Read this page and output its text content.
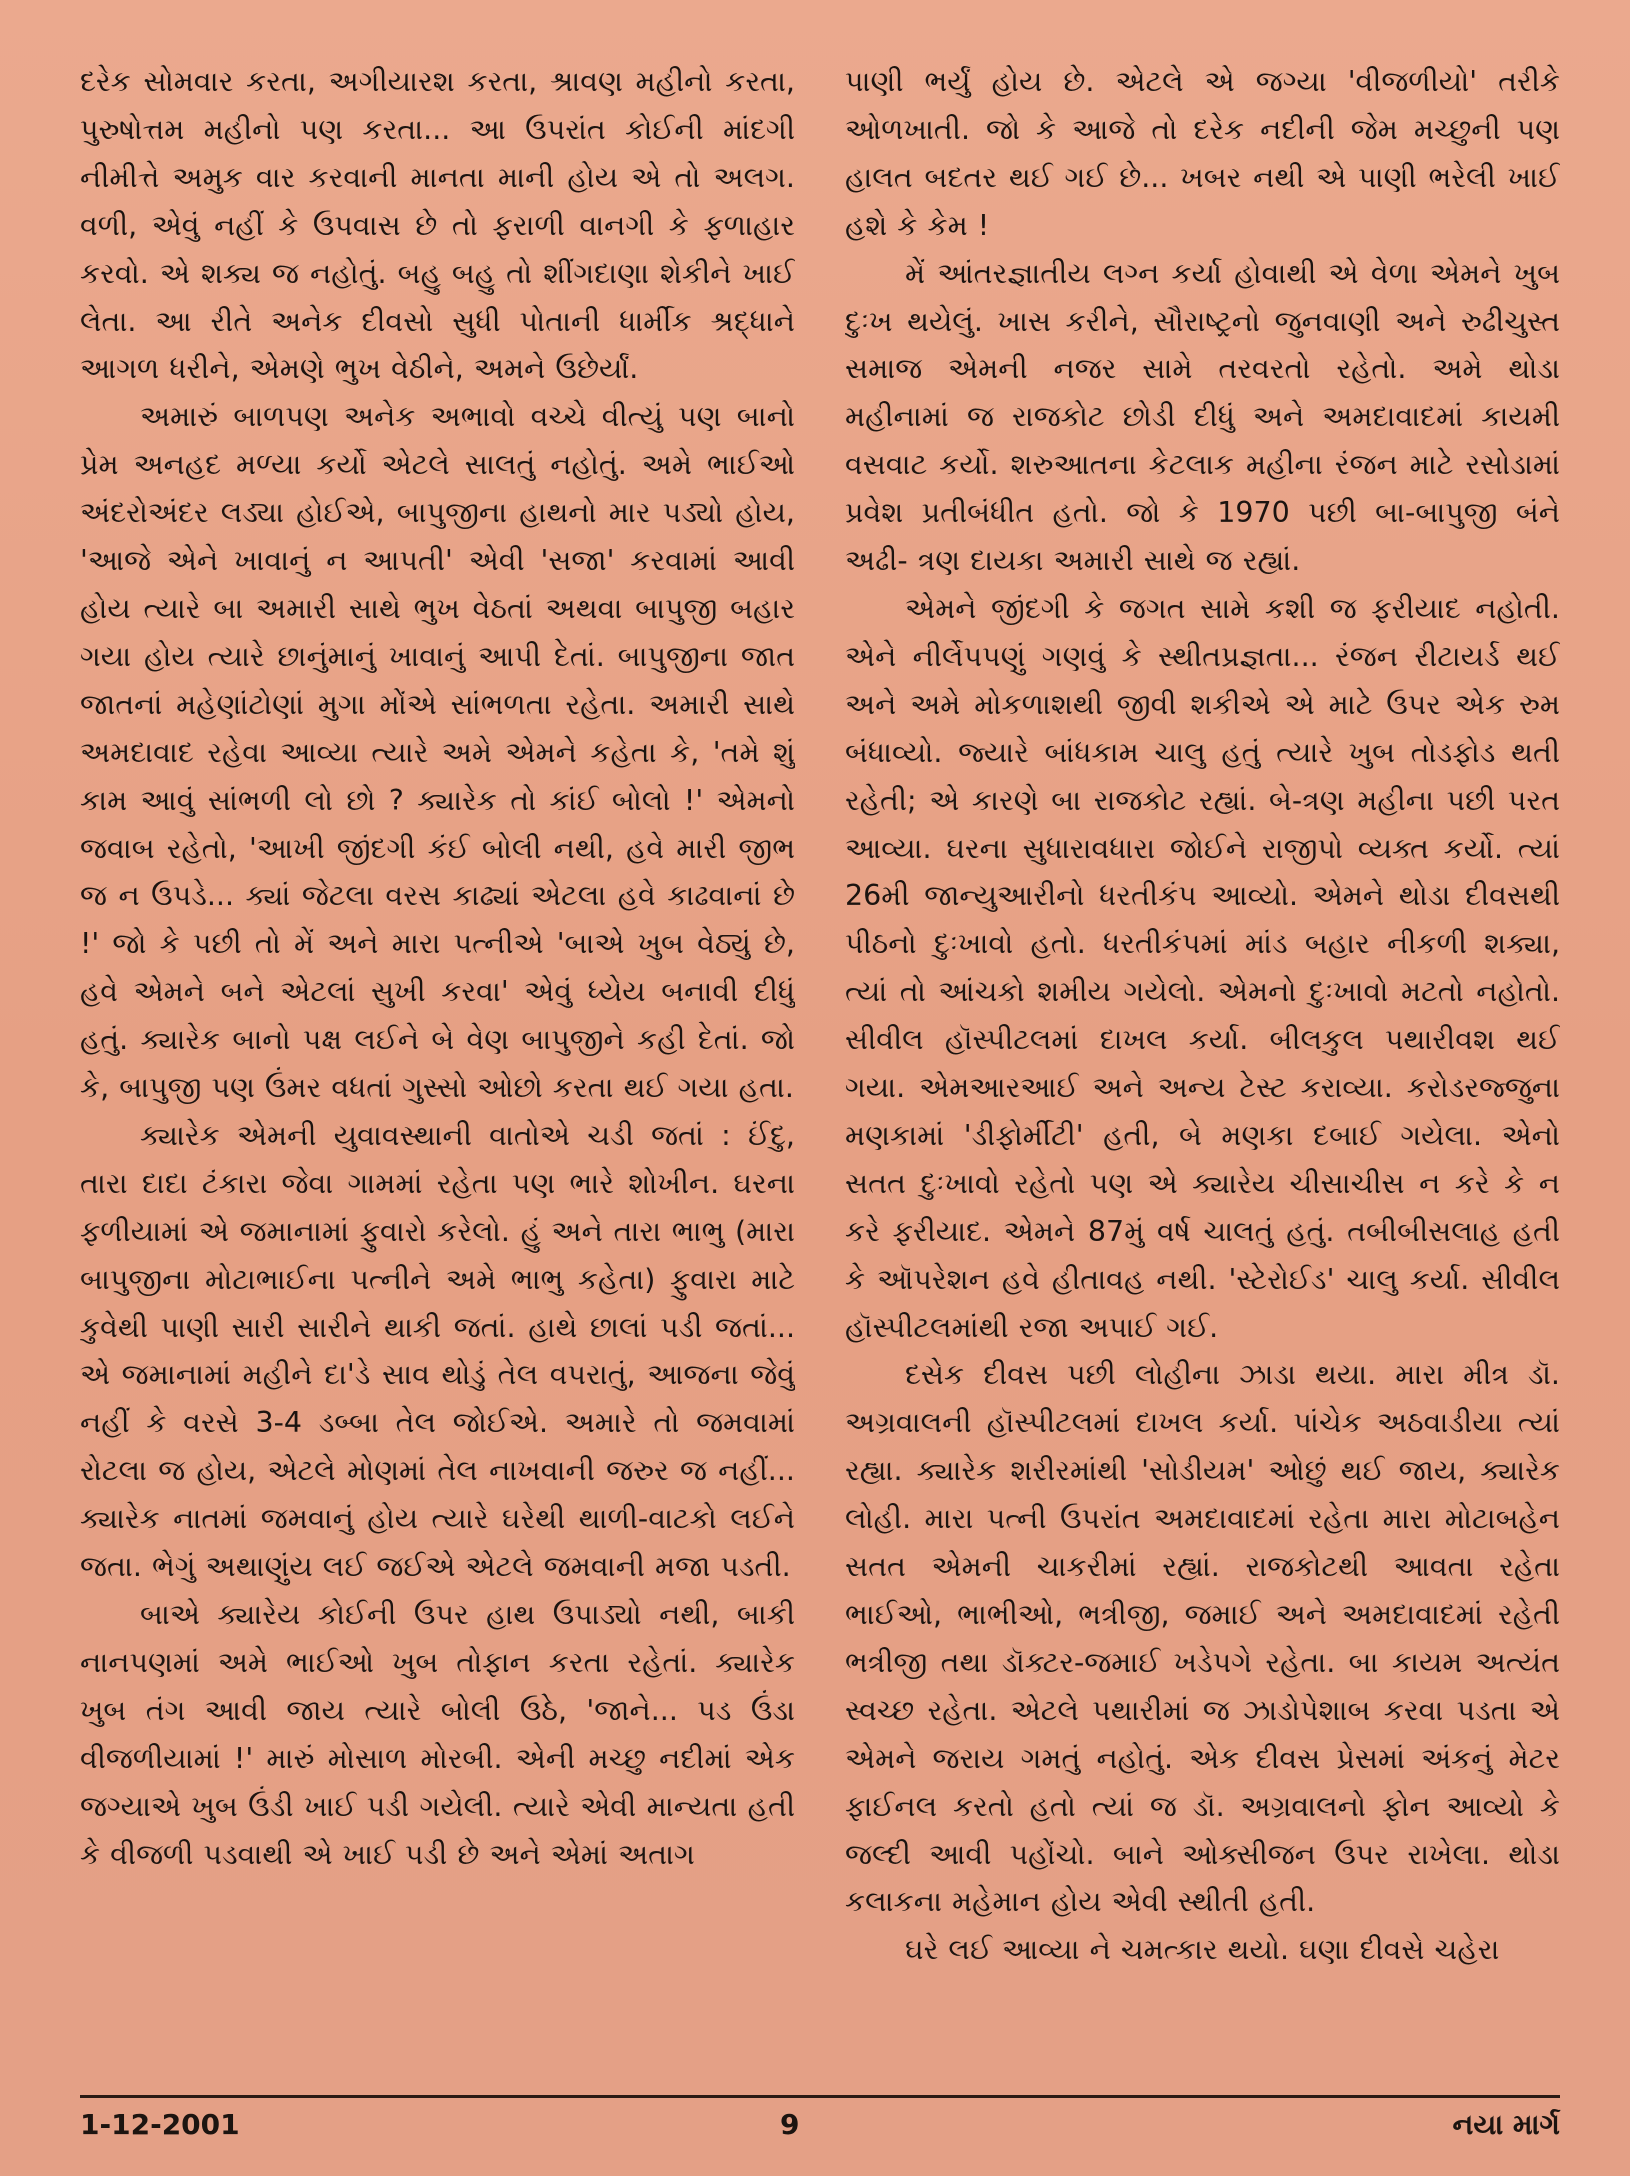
દરેક સોમવાર કરતા, અગીયારશ કરતા, શ્રાવણ મહીનો કરતા, પુરુષોત્તમ મહીનો પણ કરતા... આ ઉપરાંત કોઈની માંદગી નીમીત્તે અમુક વાર કરવાની માનતા માની હોય એ તો અલગ. વળી, એવું નહીં કે ઉપવાસ છે તો ફરાળી વાનગી કે ફળાહાર કરવો. એ શક્ય જ નહોતું. બહુ બહુ તો શીંગદાણા શેકીને ખાઈ લેતા. આ રીતે અનેક દીવસો સુધી પોતાની ધાર્મીક શ્રદ્ધાને આગળ ધરીને, એમણે ભુખ વેઠીને, અમને ઉછેર્યાં.

અમારું બાળપણ અનેક અભાવો વચ્ચે વીત્યું પણ બાનો પ્રેમ અનહદ મળ્યા કર્યો એટલે સાલતું નહોતું. અમે ભાઈઓ અંદરોઅંદર લડ્યા હોઈએ, બાપુજીના હાથનો માર પડ્યો હોય, 'આજે એને ખાવાનું ન આપતી' એવી 'સજા' કરવામાં આવી હોય ત્યારે બા અમારી સાથે ભુખ વેઠતાં અથવા બાપુજી બહાર ગયા હોય ત્યારે છાનુંમાનું ખાવાનું આપી દેતાં. બાપુજીના જાત જાતનાં મહેણાંટોણાં મુગા મોંએ સાંભળતા રહેતા. અમારી સાથે અમદાવાદ રહેવા આવ્યા ત્યારે અમે એમને કહેતા કે, 'તમે શું કામ આવું સાંભળી લો છો ? ક્યારેક તો કાંઈ બોલો !' એમનો જવાબ રહેતો, 'આખી જીંદગી કંઈ બોલી નથી, હવે મારી જીભ જ ન ઉપડે... ક્યાં જેટલા વરસ કાઢ્યાં એટલા હવે કાઢવાનાં છે !' જો કે પછી તો મેં અને મારા પત્નીએ 'બાએ ખુબ વેઠ્યું છે, હવે એમને બને એટલાં સુખી કરવા' એવું ધ્યેય બનાવી દીધું હતું. ક્યારેક બાનો પક્ષ લઈને બે વેણ બાપુજીને કહી દેતાં. જો કે, બાપુજી પણ ઉંમર વધતાં ગુસ્સો ઓછો કરતા થઈ ગયા હતા.

ક્યારેક એમની યુવાવસ્થાની વાતોએ ચડી જતાં : ઈંદુ, તારા દાદા ટંકારા જેવા ગામમાં રહેતા પણ ભારે શોખીન. ઘરના ફળીયામાં એ જમાનામાં ફુવારો કરેલો. હું અને તારા ભાભુ (મારા બાપુજીના મોટાભાઈના પત્નીને અમે ભાભુ કહેતા) ફુવારા માટે કુવેથી પાણી સારી સારીને થાકી જતાં. હાથે છાલાં પડી જતાં... એ જમાનામાં મહીને દા'ડે સાવ થોડું તેલ વપરાતું, આજના જેવું નહીં કે વરસે 3-4 ડબ્બા તેલ જોઈએ. અમારે તો જમવામાં રોટલા જ હોય, એટલે મોણમાં તેલ નાખવાની જરુર જ નહીં... ક્યારેક નાતમાં જમવાનું હોય ત્યારે ઘરેથી થાળી-વાટકો લઈને જતા. ભેગું અથાણુંય લઈ જઈએ એટલે જમવાની મજા પડતી.

બાએ ક્યારેય કોઈની ઉપર હાથ ઉપાડ્યો નથી, બાકી નાનપણમાં અમે ભાઈઓ ખુબ તોફાન કરતા રહેતાં. ક્યારેક ખુબ તંગ આવી જાય ત્યારે બોલી ઉઠે, 'જાને... પડ ઉંડા વીજળીયામાં !' મારું મોસાળ મોરબી. એની મચ્છુ નદીમાં એક જગ્યાએ ખુબ ઉંડી ખાઈ પડી ગયેલી. ત્યારે એવી માન્યતા હતી કે વીજળી પડવાથી એ ખાઈ પડી છે અને એમાં અતાગ

પાણી ભર્યું હોય છે. એટલે એ જગ્યા 'વીજળીયો' તરીકે ઓળખાતી. જો કે આજે તો દરેક નદીની જેમ મચ્છુની પણ હાલત બદતર થઈ ગઈ છે... ખબર નથી એ પાણી ભરેલી ખાઈ હશે કે કેમ !

મેં આંતરજ્ઞાતીય લગ્ન કર્યા હોવાથી એ વેળા એમને ખુબ દુઃખ થયેલું. ખાસ કરીને, સૌરાષ્ટ્રનો જુનવાણી અને રુઢીચુસ્ત સમાજ એમની નજર સામે તરવરતો રહેતો. અમે થોડા મહીનામાં જ રાજકોટ છોડી દીધું અને અમદાવાદમાં કાયમી વસવાટ કર્યો. શરુઆતના કેટલાક મહીના રંજન માટે રસોડામાં પ્રવેશ પ્રતીબંધીત હતો. જો કે 1970 પછી બા-બાપુજી બંને અઢી- ત્રણ દાયકા અમારી સાથે જ રહ્યાં.

એમને જીંદગી કે જગત સામે કશી જ ફરીયાદ નહોતી. એને નીર્લેપપણું ગણવું કે સ્થીતપ્રજ્ઞતા... રંજન રીટાયર્ડ થઈ અને અમે મોકળાશથી જીવી શકીએ એ માટે ઉપર એક રુમ બંધાવ્યો. જ્યારે બાંધકામ ચાલુ હતું ત્યારે ખુબ તોડફોડ થતી રહેતી; એ કારણે બા રાજકોટ રહ્યાં. બે-ત્રણ મહીના પછી પરત આવ્યા. ઘરના સુધારાવધારા જોઈને રાજીપો વ્યક્ત કર્યો. ત્યાં 26મી જાન્યુઆરીનો ધરતીકંપ આવ્યો. એમને થોડા દીવસથી પીઠનો દુઃખાવો હતો. ધરતીકંપમાં માંડ બહાર નીકળી શક્યા, ત્યાં તો આંચકો શમીય ગયેલો. એમનો દુઃખાવો મટતો નહોતો. સીવીલ હૉસ્પીટલમાં દાખલ કર્યા. બીલકુલ પથારીવશ થઈ ગયા. એમઆરઆઈ અને અન્ય ટેસ્ટ કરાવ્યા. કરોડરજ્જુના મણકામાં 'ડીફોર્મીટી' હતી, બે મણકા દબાઈ ગયેલા. એનો સતત દુઃખાવો રહેતો પણ એ ક્યારેય ચીસાચીસ ન કરે કે ન કરે ફરીયાદ. એમને 87મું વર્ષ ચાલતું હતું. તબીબીસલાહ હતી કે ઑપરેશન હવે હીતાવહ નથી. 'સ્ટેરોઈડ' ચાલુ કર્યા. સીવીલ હૉસ્પીટલમાંથી રજા અપાઈ ગઈ.

દસેક દીવસ પછી લોહીના ઝાડા થયા. મારા મીત્ર ડૉ. અગ્રવાલની હૉસ્પીટલમાં દાખલ કર્યા. પાંચેક અઠવાડીયા ત્યાં રહ્યા. ક્યારેક શરીરમાંથી 'સોડીયમ' ઓછું થઈ જાય, ક્યારેક લોહી. મારા પત્ની ઉપરાંત અમદાવાદમાં રહેતા મારા મોટાબહેન સતત એમની ચાકરીમાં રહ્યાં. રાજકોટથી આવતા રહેતા ભાઈઓ, ભાભીઓ, ભત્રીજી, જમાઈ અને અમદાવાદમાં રહેતી ભત્રીજી તથા ડૉક્ટર-જમાઈ ખડેપગે રહેતા. બા કાયમ અત્યંત સ્વચ્છ રહેતા. એટલે પથારીમાં જ ઝાડોપેશાબ કરવા પડતા એ એમને જરાય ગમતું નહોતું. એક દીવસ પ્રેસમાં અંકનું મેટર ફાઈનલ કરતો હતો ત્યાં જ ડૉ. અગ્રવાલનો ફોન આવ્યો કે જલ્દી આવી પહોંચો. બાને ઓક્સીજન ઉપર રાખેલા. થોડા કલાકના મહેમાન હોય એવી સ્થીતી હતી.

ઘરે લઈ આવ્યા ને ચમત્કાર થયો. ઘણા દીવસે ચહેરા

1-12-2001	9	નયા માર્ગ
